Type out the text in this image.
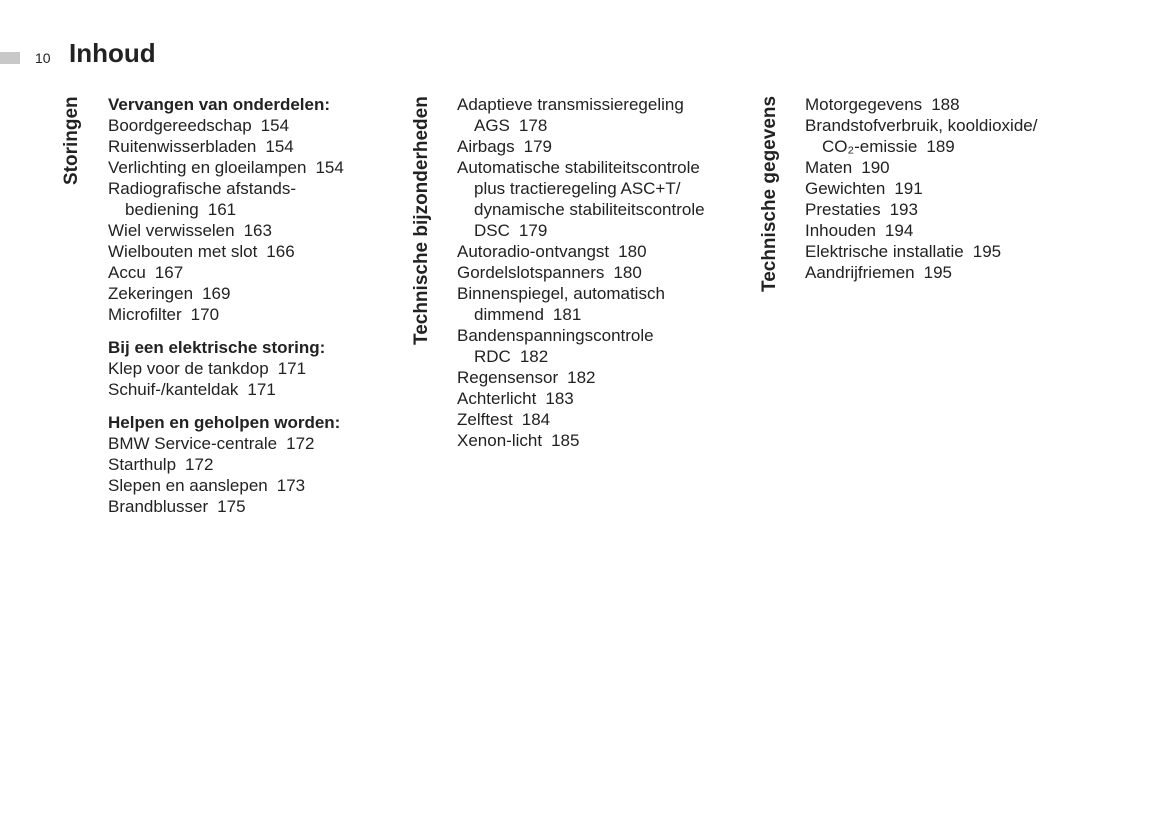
10 Inhoud
Storingen	Technische bijzonderheden	Technische gegevens
Vervangen van onderdelen:
Boordgereedschap 154
Ruitenwisserbladen 154
Verlichting en gloeilampen 154
Radiografische afstands-
bediening 161
Wiel verwisselen 163
Wielbouten met slot 166
Accu 167
Zekeringen 169
Microfilter 170
Bij een elektrische storing:
Klep voor de tankdop 171
Schuif-/kanteldak 171
Helpen en geholpen worden:
BMW Service-centrale 172
Starthulp 172
Slepen en aanslepen 173
Brandblusser 175
Adaptieve transmissieregeling
AGS 178
Airbags 179
Automatische stabiliteitscontrole
plus tractieregeling ASC+T/
dynamische stabiliteitscontrole
DSC 179
Autoradio-ontvangst 180
Gordelslotspanners 180
Binnenspiegel, automatisch
dimmend 181
Bandenspanningscontrole
RDC 182
Regensensor 182
Achterlicht 183
Zelftest 184
Xenon-licht 185
Motorgegevens 188
Brandstofverbruik, kooldioxide/
CO₂-emissie 189
Maten 190
Gewichten 191
Prestaties 193
Inhouden 194
Elektrische installatie 195
Aandrijfriemen 195
